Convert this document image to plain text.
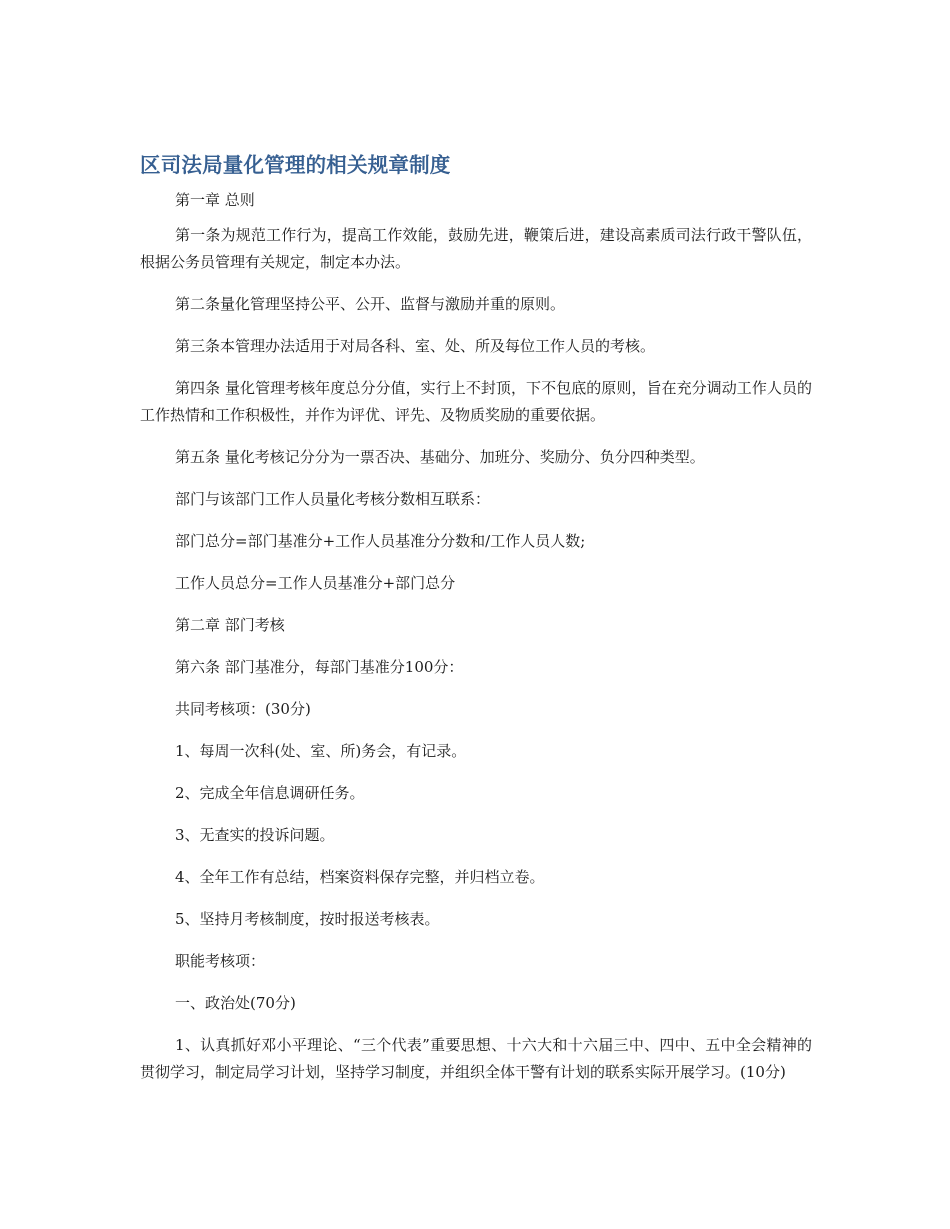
区司法局量化管理的相关规章制度

第一章 总则

第一条为规范工作行为，提高工作效能，鼓励先进，鞭策后进，建设高素质司法行政干警队伍，根据公务员管理有关规定，制定本办法。

第二条量化管理坚持公平、公开、监督与激励并重的原则。

第三条本管理办法适用于对局各科、室、处、所及每位工作人员的考核。

第四条 量化管理考核年度总分分值，实行上不封顶，下不包底的原则，旨在充分调动工作人员的工作热情和工作积极性，并作为评优、评先、及物质奖励的重要依据。

第五条 量化考核记分分为一票否决、基础分、加班分、奖励分、负分四种类型。

部门与该部门工作人员量化考核分数相互联系：

部门总分=部门基准分+工作人员基准分分数和/工作人员人数;

工作人员总分=工作人员基准分+部门总分

第二章 部门考核

第六条 部门基准分，每部门基准分100分：

共同考核项：(30分)

1、每周一次科(处、室、所)务会，有记录。

2、完成全年信息调研任务。

3、无查实的投诉问题。

4、全年工作有总结，档案资料保存完整，并归档立卷。

5、坚持月考核制度，按时报送考核表。

职能考核项：

一、政治处(70分)

1、认真抓好邓小平理论、“三个代表”重要思想、十六大和十六届三中、四中、五中全会精神的贯彻学习，制定局学习计划，坚持学习制度，并组织全体干警有计划的联系实际开展学习。(10分)
